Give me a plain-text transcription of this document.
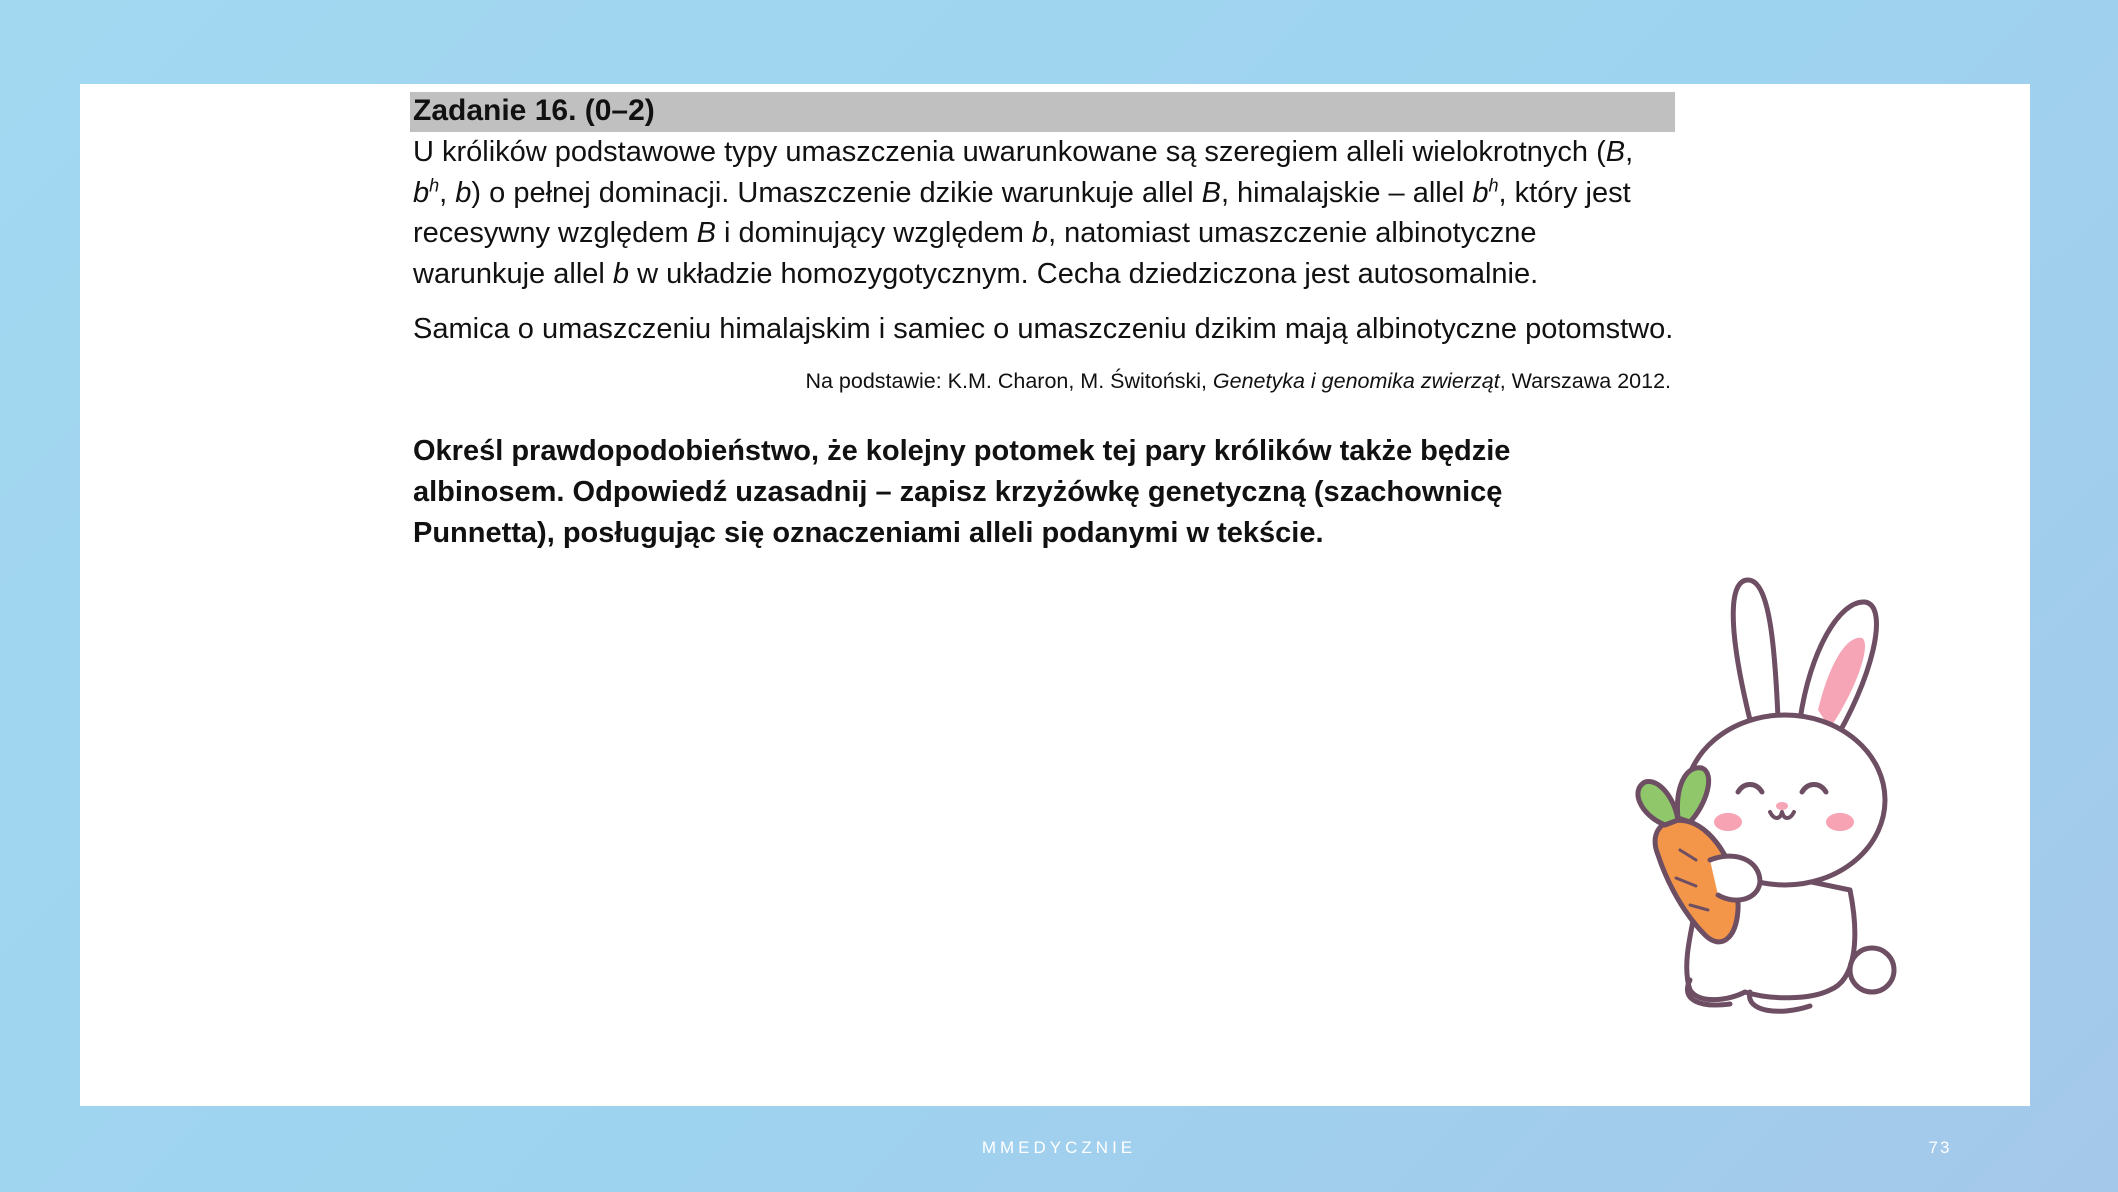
Zadanie 16. (0–2)

U królików podstawowe typy umaszczenia uwarunkowane są szeregiem alleli wielokrotnych (B, $b^h$, b) o pełnej dominacji. Umaszczenie dzikie warunkuje allel B, himalajskie – allel $b^h$, który jest recesywny względem B i dominujący względem b, natomiast umaszczenie albinotyczne warunkuje allel b w układzie homozygotycznym. Cecha dziedziczona jest autosomalnie.

Samica o umaszczeniu himalajskim i samiec o umaszczeniu dzikim mają albinotyczne potomstwo.

Na podstawie: K.M. Charon, M. Świtoński, Genetyka i genomika zwierząt, Warszawa 2012.
Określ prawdopodobieństwo, że kolejny potomek tej pary królików także będzie albinosem. Odpowiedź uzasadnij – zapisz krzyżówkę genetyczną (szachownicę Punnetta), posługując się oznaczeniami alleli podanymi w tekście.
MMEDYCZNIE	73
